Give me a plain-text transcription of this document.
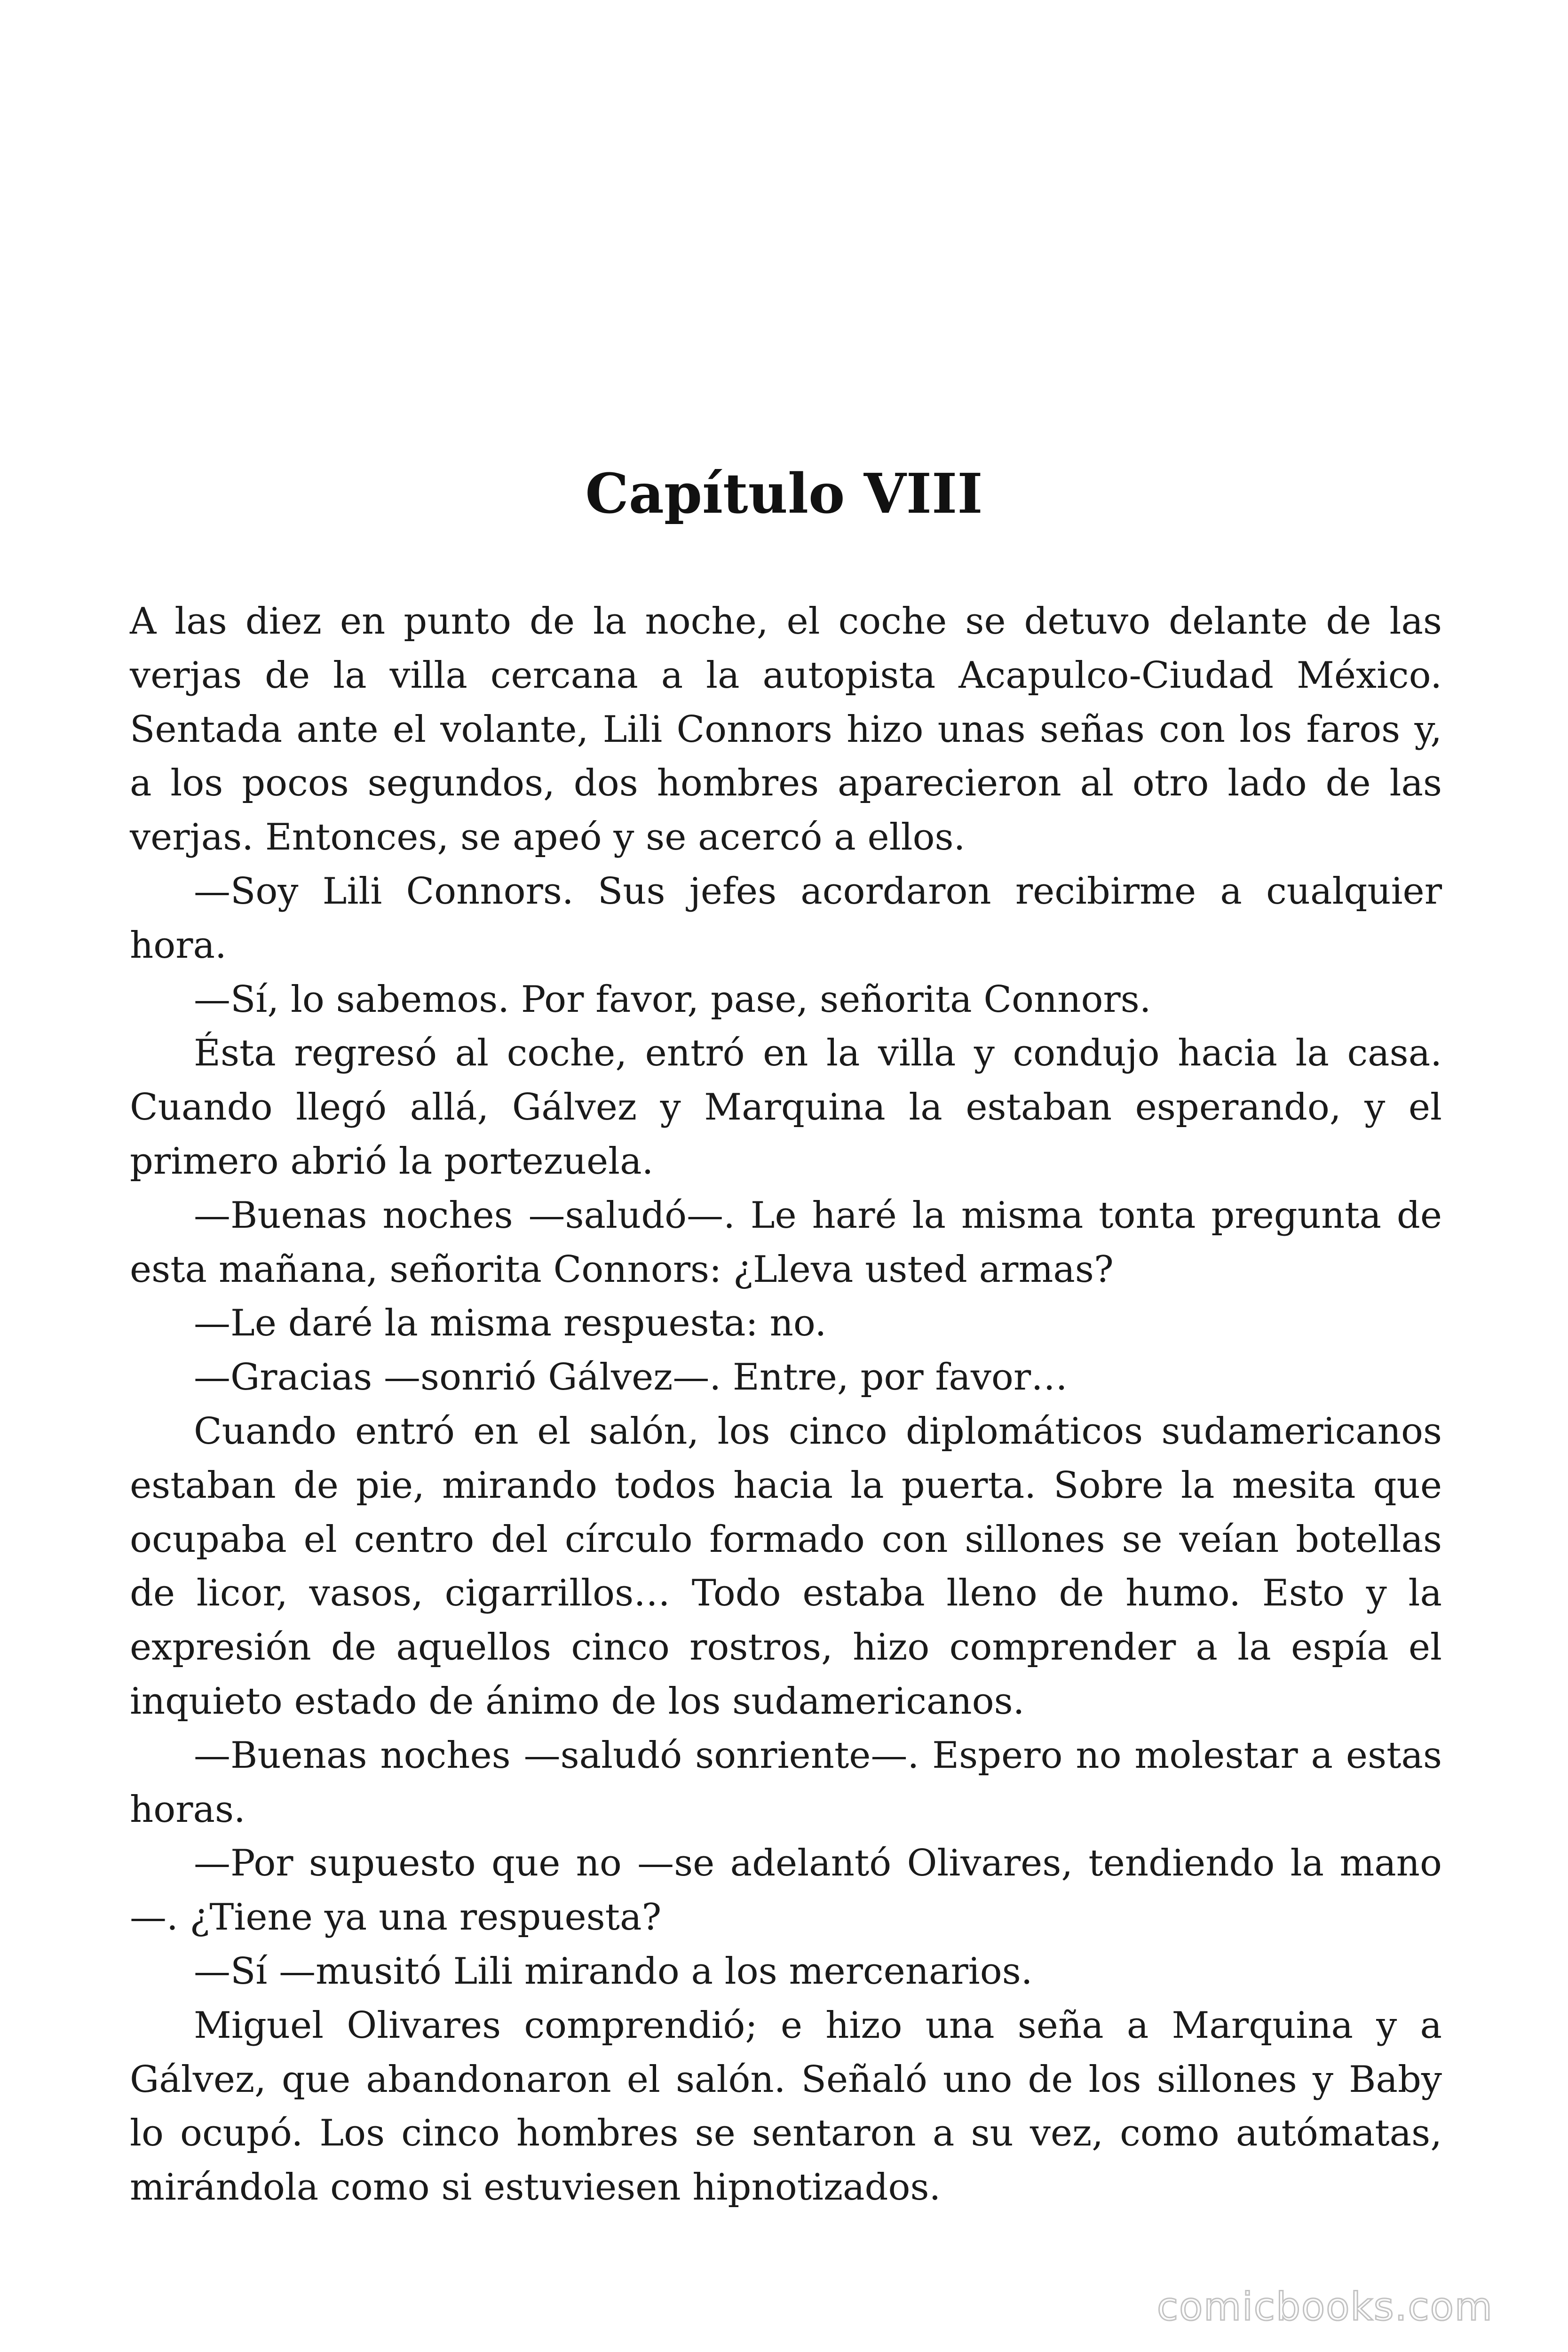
Capítulo VIII

A las diez en punto de la noche, el coche se detuvo delante de las verjas de la villa cercana a la autopista Acapulco-Ciudad México. Sentada ante el volante, Lili Connors hizo unas señas con los faros y, a los pocos segundos, dos hombres aparecieron al otro lado de las verjas. Entonces, se apeó y se acercó a ellos.

—Soy Lili Connors. Sus jefes acordaron recibirme a cualquier hora.

—Sí, lo sabemos. Por favor, pase, señorita Connors.

Ésta regresó al coche, entró en la villa y condujo hacia la casa. Cuando llegó allá, Gálvez y Marquina la estaban esperando, y el primero abrió la portezuela.

—Buenas noches —saludó—. Le haré la misma tonta pregunta de esta mañana, señorita Connors: ¿Lleva usted armas?

—Le daré la misma respuesta: no.

—Gracias —sonrió Gálvez—. Entre, por favor…

Cuando entró en el salón, los cinco diplomáticos sudamericanos estaban de pie, mirando todos hacia la puerta. Sobre la mesita que ocupaba el centro del círculo formado con sillones se veían botellas de licor, vasos, cigarrillos… Todo estaba lleno de humo. Esto y la expresión de aquellos cinco rostros, hizo comprender a la espía el inquieto estado de ánimo de los sudamericanos.

—Buenas noches —saludó sonriente—. Espero no molestar a estas horas.

—Por supuesto que no —se adelantó Olivares, tendiendo la mano—. ¿Tiene ya una respuesta?

—Sí —musitó Lili mirando a los mercenarios.

Miguel Olivares comprendió; e hizo una seña a Marquina y a Gálvez, que abandonaron el salón. Señaló uno de los sillones y Baby lo ocupó. Los cinco hombres se sentaron a su vez, como autómatas, mirándola como si estuviesen hipnotizados.

comicbooks.com
